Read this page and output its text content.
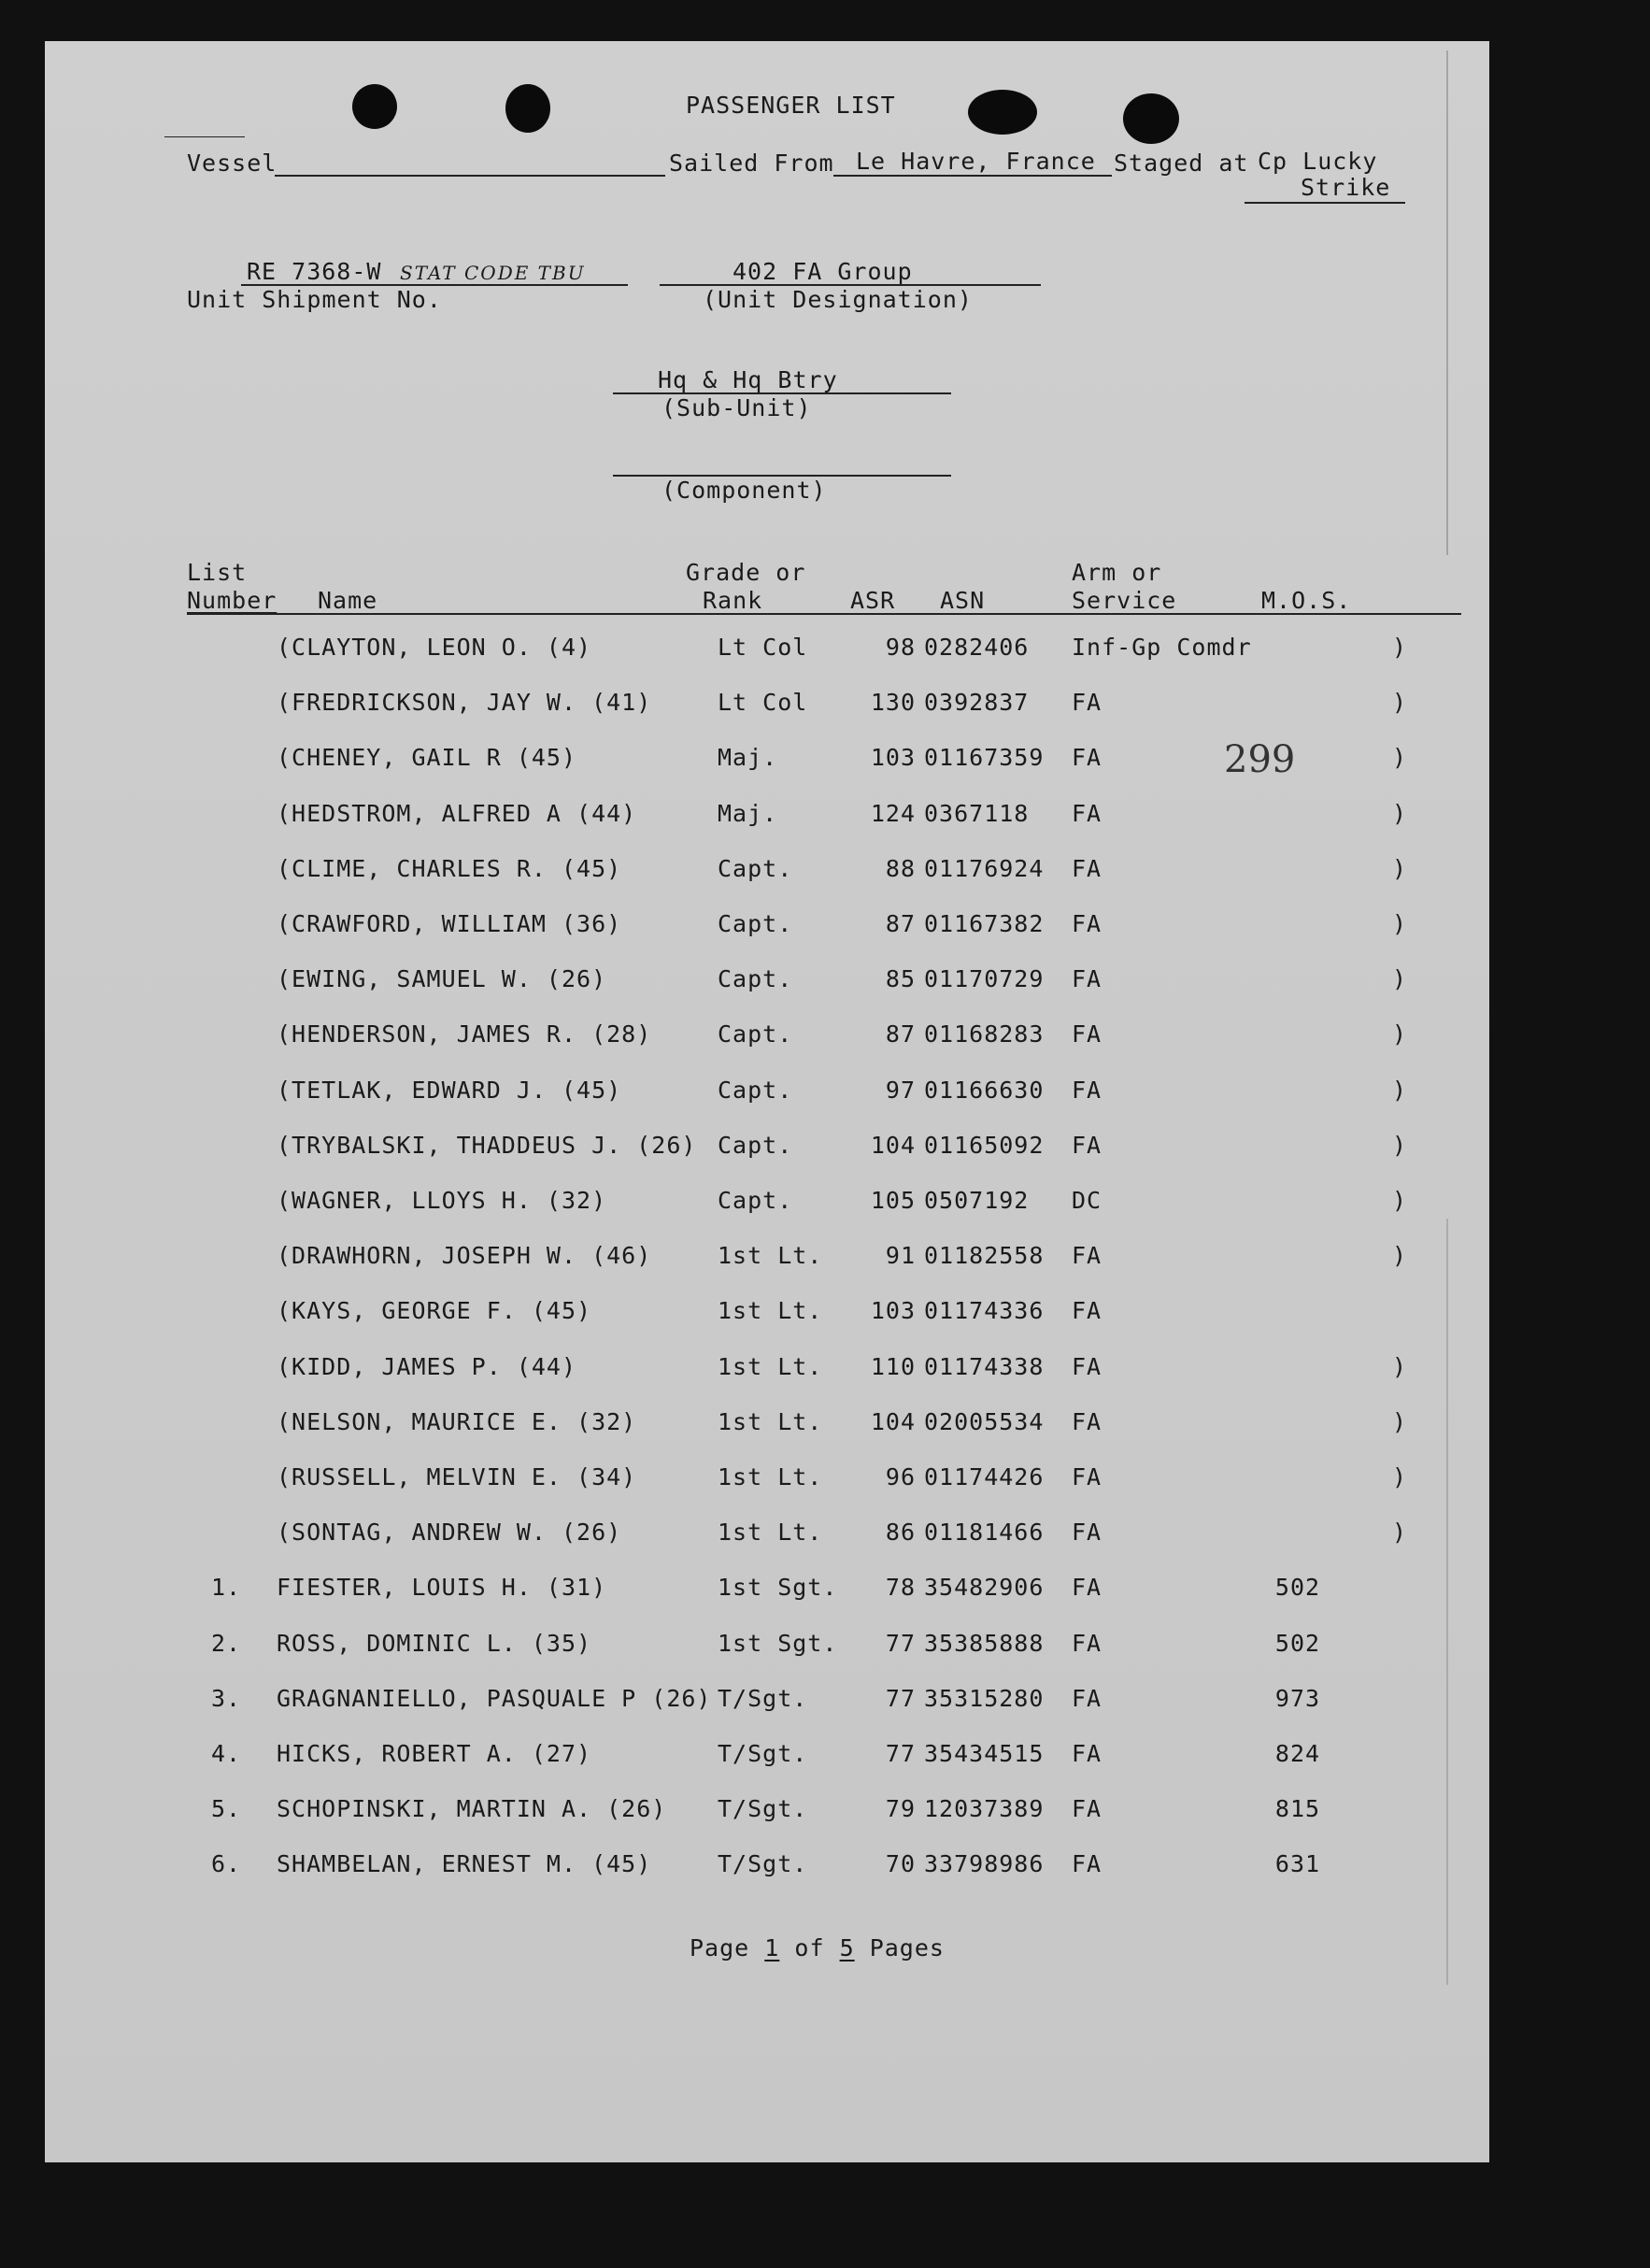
PASSENGER LIST
Vessel	Sailed From Le Havre, France Staged at Cp Lucky
Strike
RE 7368-W STAT CODE TBU
Unit Shipment No.
402 FA Group
(Unit Designation)
Hq & Hq Btry
(Sub-Unit)
(Component)
List
Number Name
Grade or
Rank	ASR ASN
Arm or
Service	M.O.S.
(CLAYTON, LEON O. (4)	Lt Col	98 0282406 Inf-Gp Comdr	)
(FREDRICKSON, JAY W. (41)	Lt Col	130 0392837 FA	)
(CHENEY, GAIL R (45)	Maj.	103 01167359 FA	)
(HEDSTROM, ALFRED A (44)	Maj.	124 0367118 FA	)
(CLIME, CHARLES R. (45)	Capt.	88 01176924 FA	)
(CRAWFORD, WILLIAM (36)	Capt.	87 01167382 FA	)
(EWING, SAMUEL W. (26)	Capt.	85 01170729 FA	)
(HENDERSON, JAMES R. (28)	Capt.	87 01168283 FA	)
(TETLAK, EDWARD J. (45)	Capt.	97 01166630 FA	)
(TRYBALSKI, THADDEUS J. (26) Capt.	104 01165092 FA	)
(WAGNER, LLOYS H. (32)	Capt.	105 0507192 DC	)
(DRAWHORN, JOSEPH W. (46)	1st Lt.	91 01182558 FA	)
(KAYS, GEORGE F. (45)	1st Lt.	103 01174336 FA
(KIDD, JAMES P. (44)	1st Lt.	110 01174338 FA	)
(NELSON, MAURICE E. (32)	1st Lt.	104 02005534 FA	)
(RUSSELL, MELVIN E. (34)	1st Lt.	96 01174426 FA	)
(SONTAG, ANDREW W. (26)	1st Lt.	86 01181466 FA	)
1. FIESTER, LOUIS H. (31)	1st Sgt.	78 35482906 FA	502
2. ROSS, DOMINIC L. (35)	1st Sgt.	77 35385888 FA	502
3. GRAGNANIELLO, PASQUALE P (26) T/Sgt.	77 35315280 FA	973
4. HICKS, ROBERT A. (27)	T/Sgt.	77 35434515 FA	824
5. SCHOPINSKI, MARTIN A. (26) T/Sgt.	79 12037389 FA	815
6. SHAMBELAN, ERNEST M. (45)	T/Sgt.	70 33798986 FA	631
299
Page 1 of 5 Pages
